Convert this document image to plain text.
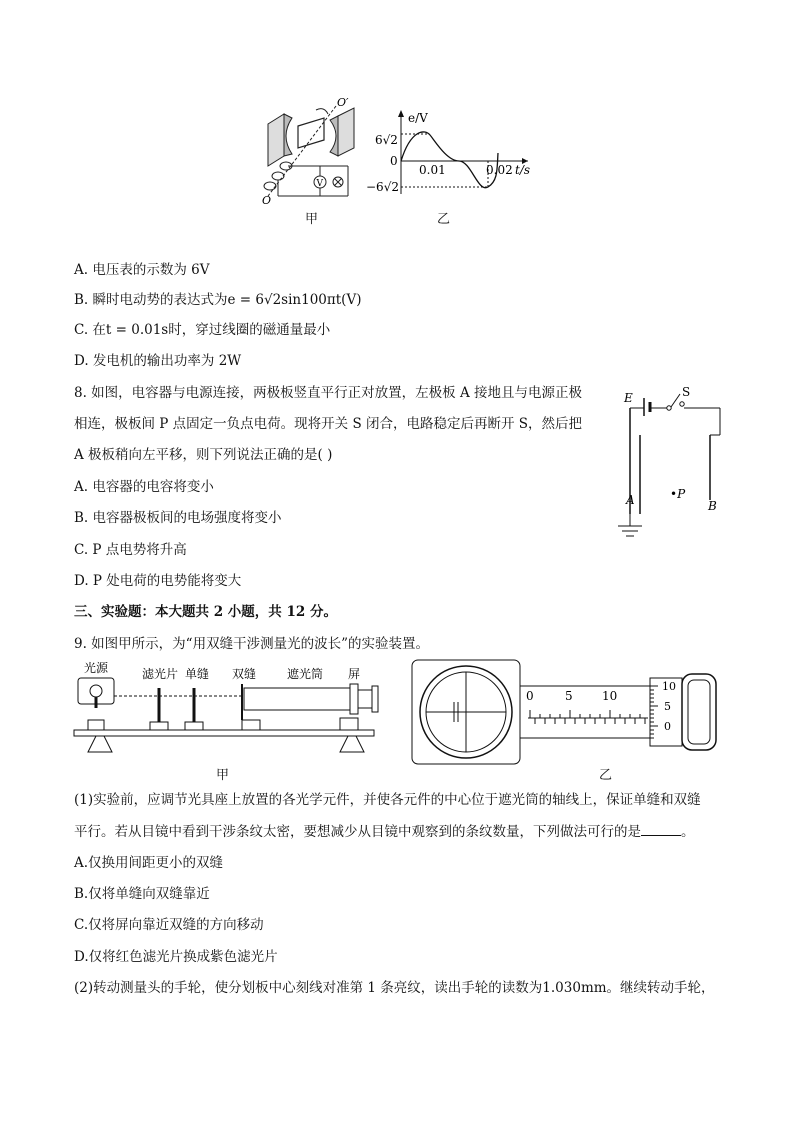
V
O′
O
e/V
6√2
0
−6√2
0.01	0.02 t/s
甲	乙
A. 电压表的示数为 6V
B. 瞬时电动势的表达式为e = 6√2sin100πt(V)
C. 在t = 0.01s时，穿过线圈的磁通量最小
D. 发电机的输出功率为 2W
8. 如图，电容器与电源连接，两极板竖直平行正对放置，左极板 A 接地且与电源正极
相连，极板间 P 点固定一负点电荷。现将开关 S 闭合，电路稳定后再断开 S，然后把
A 极板稍向左平移，则下列说法正确的是( )
A. 电容器的电容将变小
B. 电容器极板间的电场强度将变小
C. P 点电势将升高
D. P 处电荷的电势能将变大
E	S
A	B
•P
三、实验题：本大题共 2 小题，共 12 分。
9. 如图甲所示，为“用双缝干涉测量光的波长”的实验装置。
光源	滤光片 单缝 双缝	遮光筒 屏
甲
0	5 10
10
5
0
乙
(1)实验前，应调节光具座上放置的各光学元件，并使各元件的中心位于遮光筒的轴线上，保证单缝和双缝
平行。若从目镜中看到干涉条纹太密，要想减少从目镜中观察到的条纹数量，下列做法可行的是	。
A.仅换用间距更小的双缝
B.仅将单缝向双缝靠近
C.仅将屏向靠近双缝的方向移动
D.仅将红色滤光片换成紫色滤光片
(2)转动测量头的手轮，使分划板中心刻线对准第 1 条亮纹，读出手轮的读数为1.030mm。继续转动手轮，
